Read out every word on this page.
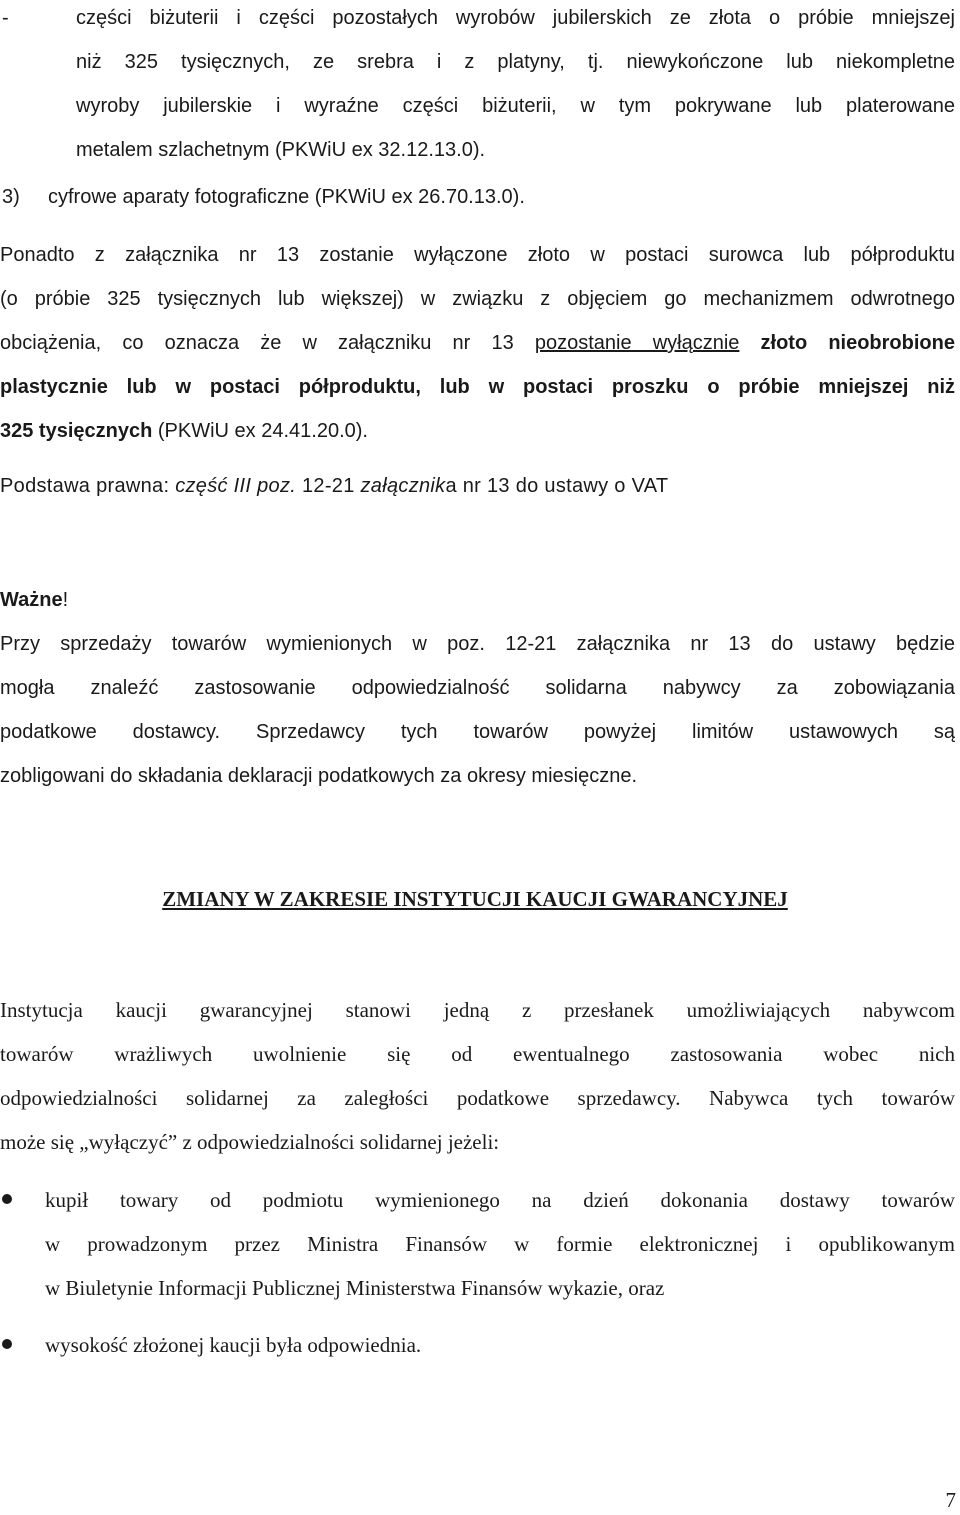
-	części biżuterii i części pozostałych wyrobów jubilerskich ze złota o próbie mniejszej
niż 325 tysięcznych, ze srebra i z platyny, tj. niewykończone lub niekompletne
wyroby jubilerskie i wyraźne części biżuterii, w tym pokrywane lub platerowane
metalem szlachetnym (PKWiU ex 32.12.13.0).
3) cyfrowe aparaty fotograficzne (PKWiU ex 26.70.13.0).
Ponadto z załącznika nr 13 zostanie wyłączone złoto w postaci surowca lub półproduktu
(o próbie 325 tysięcznych lub większej) w związku z objęciem go mechanizmem odwrotnego
obciążenia, co oznacza że w załączniku nr 13 pozostanie wyłącznie złoto nieobrobione
plastycznie lub w postaci półproduktu, lub w postaci proszku o próbie mniejszej niż
325 tysięcznych (PKWiU ex 24.41.20.0).
Podstawa prawna: część III poz. 12-21 załącznika nr 13 do ustawy o VAT
Ważne!
Przy sprzedaży towarów wymienionych w poz. 12-21 załącznika nr 13 do ustawy będzie
mogła znaleźć zastosowanie odpowiedzialność solidarna nabywcy za zobowiązania
podatkowe dostawcy. Sprzedawcy tych towarów powyżej limitów ustawowych są
zobligowani do składania deklaracji podatkowych za okresy miesięczne.
ZMIANY W ZAKRESIE INSTYTUCJI KAUCJI GWARANCYJNEJ
Instytucja kaucji gwarancyjnej stanowi jedną z przesłanek umożliwiających nabywcom
towarów wrażliwych uwolnienie się od ewentualnego zastosowania wobec nich
odpowiedzialności solidarnej za zaległości podatkowe sprzedawcy. Nabywca tych towarów
może się „wyłączyć” z odpowiedzialności solidarnej jeżeli:
kupił towary od podmiotu wymienionego na dzień dokonania dostawy towarów
w prowadzonym przez Ministra Finansów w formie elektronicznej i opublikowanym
w Biuletynie Informacji Publicznej Ministerstwa Finansów wykazie, oraz
wysokość złożonej kaucji była odpowiednia.
7
